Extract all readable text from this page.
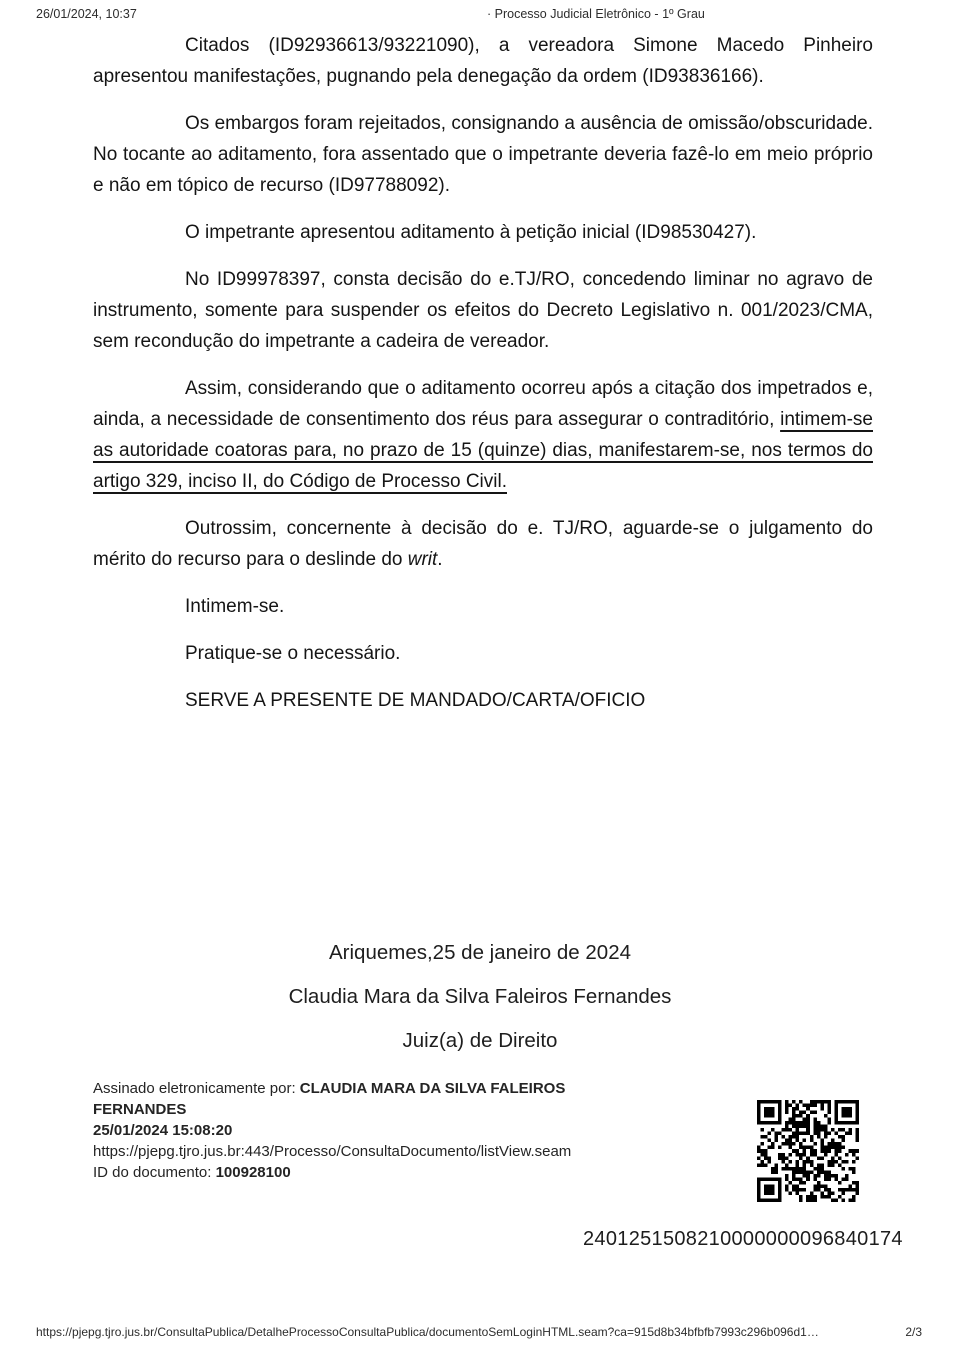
26/01/2024, 10:37	· Processo Judicial Eletrônico - 1º Grau

Citados (ID92936613/93221090), a vereadora Simone Macedo Pinheiro apresentou manifestações, pugnando pela denegação da ordem (ID93836166).

Os embargos foram rejeitados, consignando a ausência de omissão/obscuridade. No tocante ao aditamento, fora assentado que o impetrante deveria fazê-lo em meio próprio e não em tópico de recurso (ID97788092).

O impetrante apresentou aditamento à petição inicial (ID98530427).

No ID99978397, consta decisão do e.TJ/RO, concedendo liminar no agravo de instrumento, somente para suspender os efeitos do Decreto Legislativo n. 001/2023/CMA, sem recondução do impetrante a cadeira de vereador.

Assim, considerando que o aditamento ocorreu após a citação dos impetrados e, ainda, a necessidade de consentimento dos réus para assegurar o contraditório, intimem-se as autoridade coatoras para, no prazo de 15 (quinze) dias, manifestarem-se, nos termos do artigo 329, inciso II, do Código de Processo Civil.

Outrossim, concernente à decisão do e. TJ/RO, aguarde-se o julgamento do mérito do recurso para o deslinde do writ.

Intimem-se.

Pratique-se o necessário.

SERVE A PRESENTE DE MANDADO/CARTA/OFICIO

Ariquemes,25 de janeiro de 2024
Claudia Mara da Silva Faleiros Fernandes
Juiz(a) de Direito
Assinado eletronicamente por: CLAUDIA MARA DA SILVA FALEIROS FERNANDES
25/01/2024 15:08:20
https://pjepg.tjro.jus.br:443/Processo/ConsultaDocumento/listView.seam
ID do documento: 100928100
2401251508210000000096840174
https://pjepg.tjro.jus.br/ConsultaPublica/DetalheProcessoConsultaPublica/documentoSemLoginHTML.seam?ca=915d8b34bfbfb7993c296b096d1…	2/3
